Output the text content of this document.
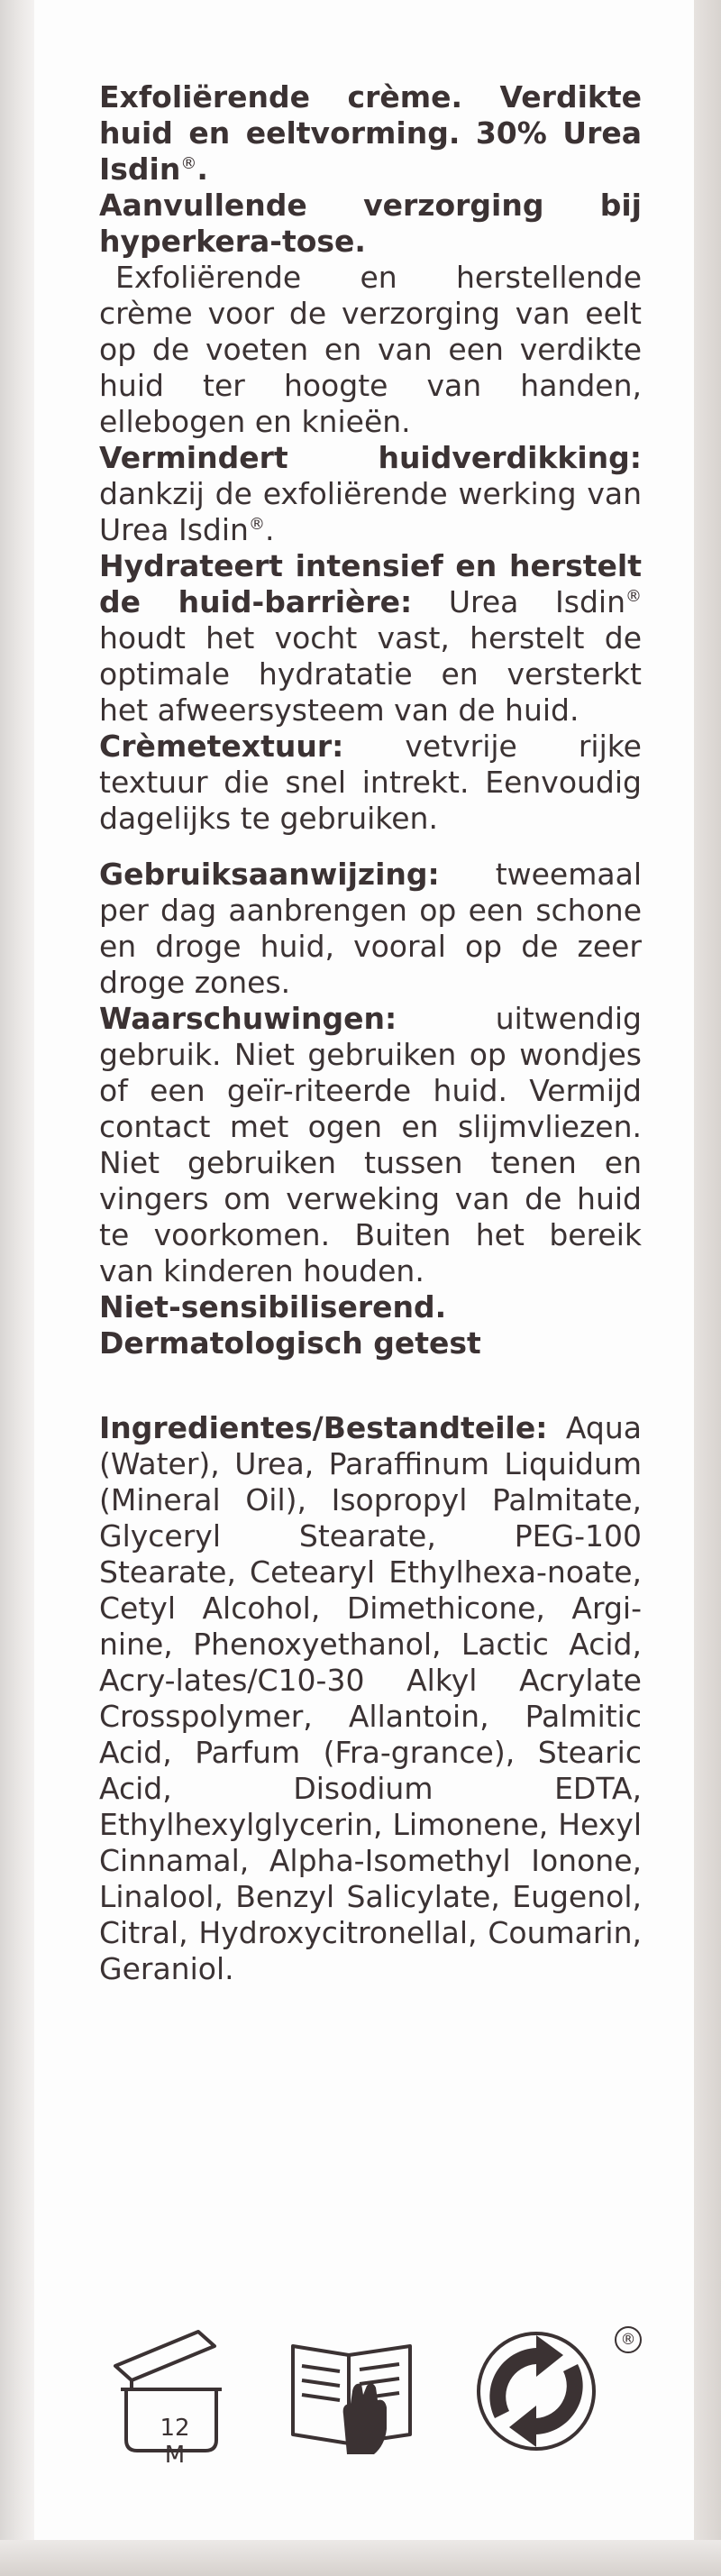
Exfoliërende crème. Verdikte huid en eeltvorming. 30% Urea Isdin®.

Aanvullende verzorging bij hyperkera-tose.

Exfoliërende en herstellende crème voor de verzorging van eelt op de voeten en van een verdikte huid ter hoogte van handen, ellebogen en knieën.

Vermindert huidverdikking: dankzij de exfoliërende werking van Urea Isdin®.

Hydrateert intensief en herstelt de huid-barrière: Urea Isdin® houdt het vocht vast, herstelt de optimale hydratatie en versterkt het afweersysteem van de huid.

Crèmetextuur: vetvrije rijke textuur die snel intrekt. Eenvoudig dagelijks te gebruiken.

Gebruiksaanwijzing: tweemaal per dag aanbrengen op een schone en droge huid, vooral op de zeer droge zones.

Waarschuwingen: uitwendig gebruik. Niet gebruiken op wondjes of een geïr-riteerde huid. Vermijd contact met ogen en slijmvliezen. Niet gebruiken tussen tenen en vingers om verweking van de huid te voorkomen. Buiten het bereik van kinderen houden.

Niet-sensibiliserend. Dermatologisch getest

Ingredientes/Bestandteile: Aqua (Water), Urea, Paraffinum Liquidum (Mineral Oil), Isopropyl Palmitate, Glyceryl Stearate, PEG-100 Stearate, Cetearyl Ethylhexa-noate, Cetyl Alcohol, Dimethicone, Argi-nine, Phenoxyethanol, Lactic Acid, Acry-lates/C10-30 Alkyl Acrylate Crosspolymer, Allantoin, Palmitic Acid, Parfum (Fra-grance), Stearic Acid, Disodium EDTA, Ethylhexylglycerin, Limonene, Hexyl Cinnamal, Alpha-Isomethyl Ionone, Linalool, Benzyl Salicylate, Eugenol, Citral, Hydroxycitronellal, Coumarin, Geraniol.

12 M
®
